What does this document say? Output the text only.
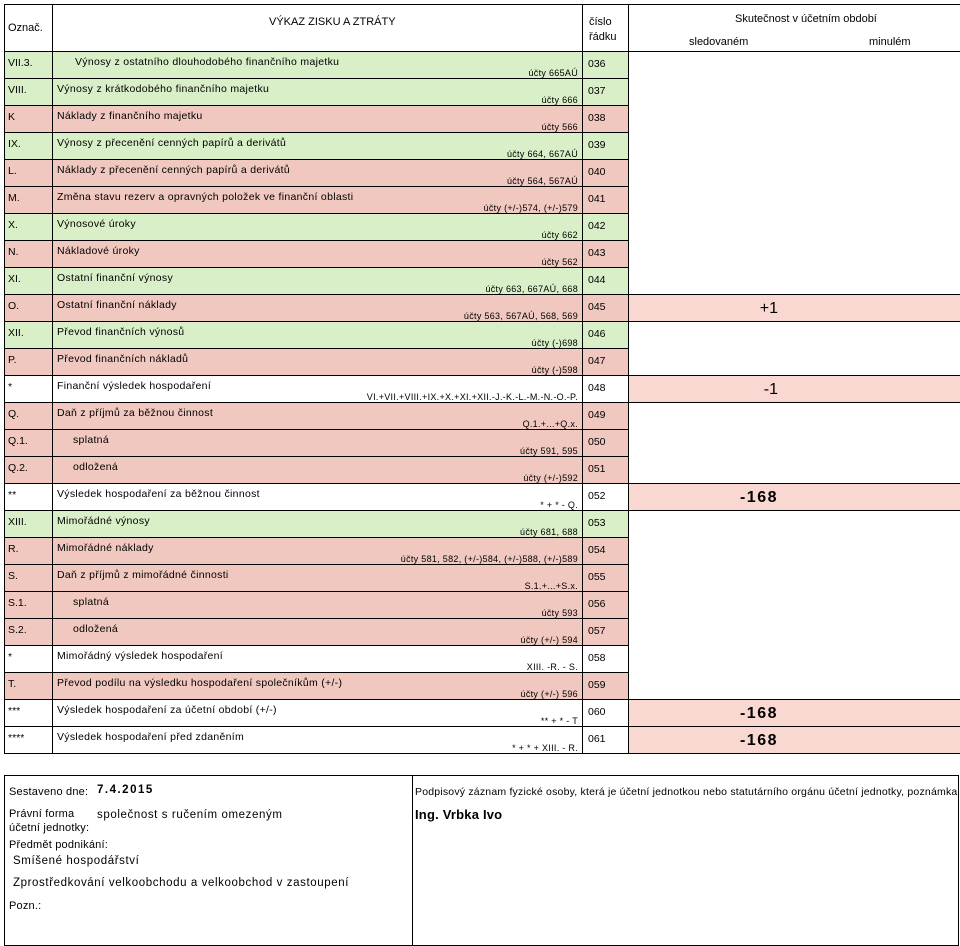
Označ.	VÝKAZ ZISKU A ZTRÁTY	číslo
řádku	Skutečnost v účetním období
sledovaném minulém

VII.3.	Výnosy z ostatního dlouhodobého finančního majetku
účty 665AÚ	036	

VIII.	Výnosy z krátkodobého finančního majetku
účty 666	037	

K	Náklady z finančního majetku
účty 566	038	

IX.	Výnosy z přecenění cenných papírů a derivátů
účty 664, 667AÚ	039	

L.	Náklady z přecenění cenných papírů a derivátů
účty 564, 567AÚ	040	

M.	Změna stavu rezerv a opravných položek ve finanční oblasti
účty (+/-)574, (+/-)579	041	

X.	Výnosové úroky
účty 662	042	

N.	Nákladové úroky
účty 562	043	

XI.	Ostatní finanční výnosy
účty 663, 667AÚ, 668	044	

O.	Ostatní finanční náklady
účty 563, 567AÚ, 568, 569	045	+1

XII.	Převod finančních výnosů
účty (-)698	046	

P.	Převod finančních nákladů
účty (-)598	047	

*	Finanční výsledek hospodaření
VI.+VII.+VIII.+IX.+X.+XI.+XII.-J.-K.-L.-M.-N.-O.-P.	048	-1

Q.	Daň z příjmů za běžnou činnost
Q.1.+...+Q.x.	049	

Q.1.	splatná
účty 591, 595	050	

Q.2.	odložená
účty (+/-)592	051	

**	Výsledek hospodaření za běžnou činnost
* + * - Q.	052	-168

XIII.	Mimořádné výnosy
účty 681, 688	053	

R.	Mimořádné náklady
účty 581, 582, (+/-)584, (+/-)588, (+/-)589	054	

S.	Daň z příjmů z mimořádné činnosti
S.1.+...+S.x.	055	

S.1.	splatná
účty 593	056	

S.2.	odložená
účty (+/-) 594	057	

*	Mimořádný výsledek hospodaření
XIII. -R. - S.	058	

T.	Převod podílu na výsledku hospodaření společníkům (+/-)
účty (+/-) 596	059	

***	Výsledek hospodaření za účetní období (+/-)
** + * - T	060	-168

****	Výsledek hospodaření před zdaněním
* + * + XIII. - R.	061	-168
Sestaveno dne: 7.4.2015
Právní forma
účetní jednotky:
společnost s ručením omezeným
Předmět podnikání:
Smíšené hospodářství
Zprostředkování velkoobchodu a velkoobchod v zastoupení
Pozn.:
Podpisový záznam fyzické osoby, která je účetní jednotkou nebo statutárního orgánu účetní jednotky, poznámka
Ing. Vrbka Ivo
